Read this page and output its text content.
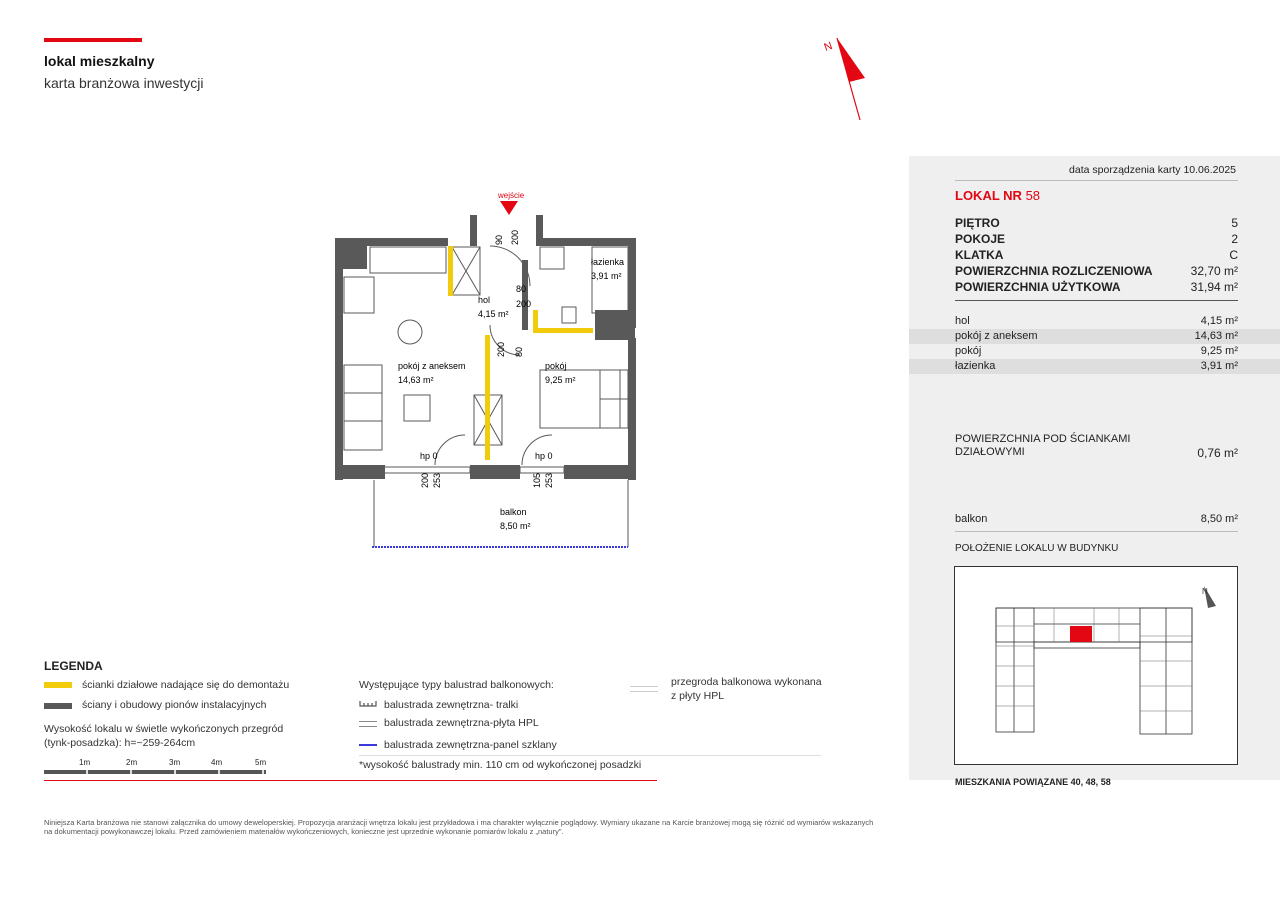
lokal mieszkalny
karta branżowa inwestycji
N
wejście
hol
4,15 m²
łazienka
3,91 m²
pokój z aneksem
14,63 m²
pokój
9,25 m²
balkon
8,50 m²
90 200
80
200
200 80
hp 0	hp 0
200 253	105 253
data sporządzenia karty 10.06.2025
LOKAL NR 58
PIĘTRO	5
POKOJE	2
KLATKA	C
POWIERZCHNIA ROZLICZENIOWA	32,70 m²
POWIERZCHNIA UŻYTKOWA	31,94 m²
hol	4,15 m²
pokój z aneksem	14,63 m²
pokój	9,25 m²
łazienka	3,91 m²
POWIERZCHNIA POD ŚCIANKAMI
DZIAŁOWYMI	0,76 m²
balkon	8,50 m²
POŁOŻENIE LOKALU W BUDYNKU
N
MIESZKANIA POWIĄZANE 40, 48, 58
LEGENDA
ścianki działowe nadające się do demontażu
ściany i obudowy pionów instalacyjnych
Wysokość lokalu w świetle wykończonych przegród
(tynk-posadzka): h=~259-264cm
1m	2m	3m	4m	5m
Występujące typy balustrad balkonowych:
balustrada zewnętrzna- tralki
balustrada zewnętrzna-płyta HPL
balustrada zewnętrzna-panel szklany
*wysokość balustrady min. 110 cm od wykończonej posadzki
przegroda balkonowa wykonana
z płyty HPL
Niniejsza Karta branżowa nie stanowi załącznika do umowy deweloperskiej. Propozycja aranżacji wnętrza lokalu jest przykładowa i ma charakter wyłącznie poglądowy. Wymiary ukazane na Karcie branżowej mogą się różnić od wymiarów wskazanych na dokumentacji powykonawczej lokalu. Przed zamówieniem materiałów wykończeniowych, konieczne jest uprzednie wykonanie pomiarów lokalu z „natury".
